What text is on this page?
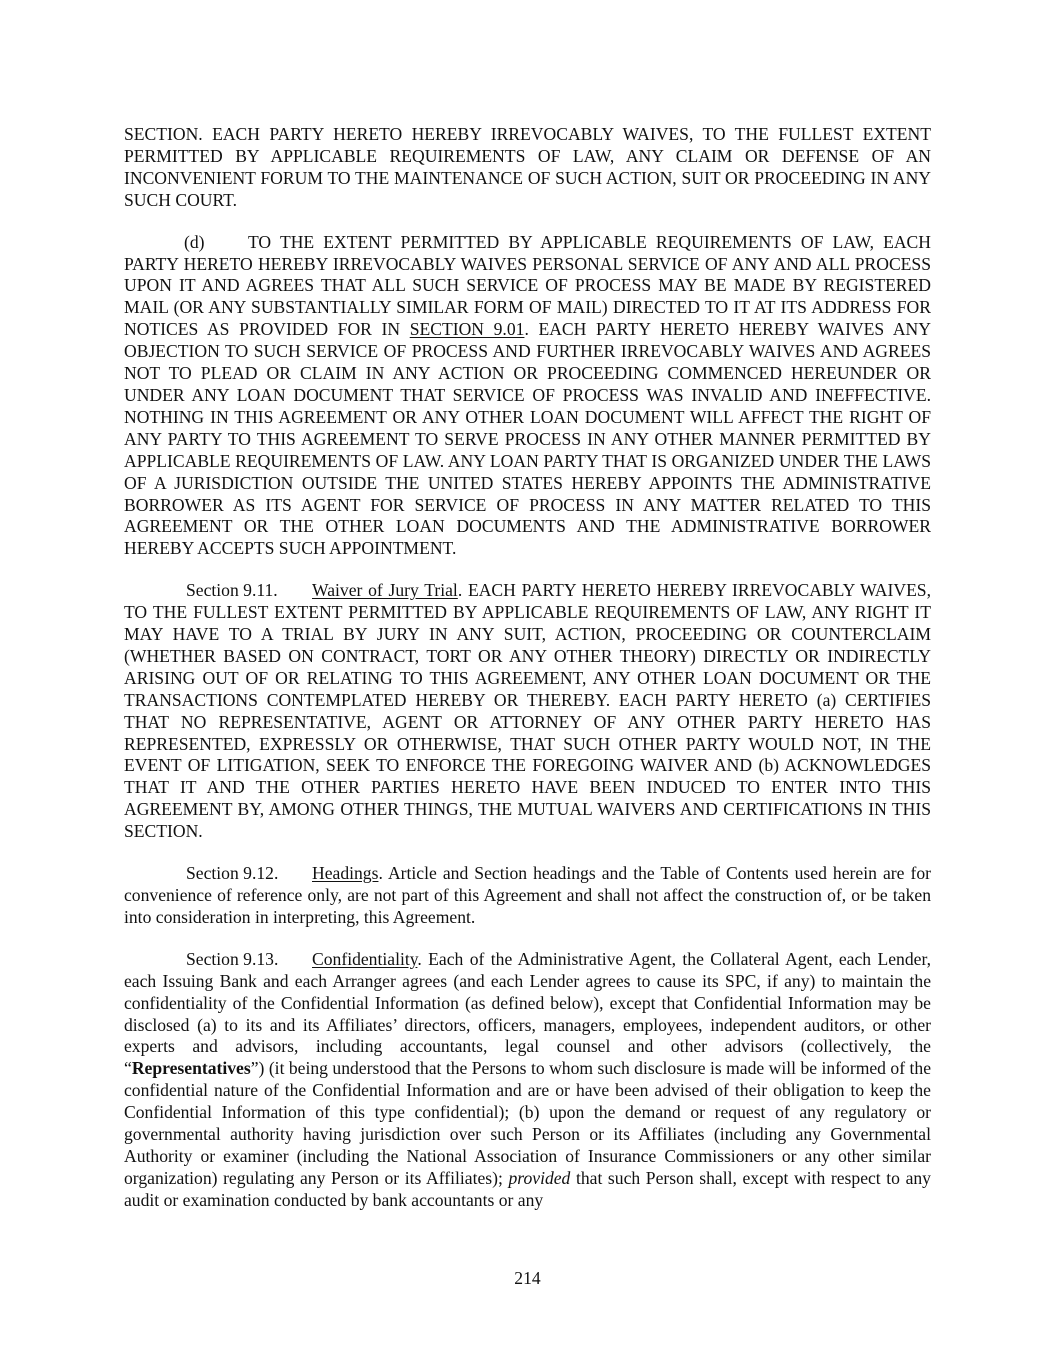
SECTION. EACH PARTY HERETO HEREBY IRREVOCABLY WAIVES, TO THE FULLEST EXTENT PERMITTED BY APPLICABLE REQUIREMENTS OF LAW, ANY CLAIM OR DEFENSE OF AN INCONVENIENT FORUM TO THE MAINTENANCE OF SUCH ACTION, SUIT OR PROCEEDING IN ANY SUCH COURT.

(d) TO THE EXTENT PERMITTED BY APPLICABLE REQUIREMENTS OF LAW, EACH PARTY HERETO HEREBY IRREVOCABLY WAIVES PERSONAL SERVICE OF ANY AND ALL PROCESS UPON IT AND AGREES THAT ALL SUCH SERVICE OF PROCESS MAY BE MADE BY REGISTERED MAIL (OR ANY SUBSTANTIALLY SIMILAR FORM OF MAIL) DIRECTED TO IT AT ITS ADDRESS FOR NOTICES AS PROVIDED FOR IN SECTION 9.01. EACH PARTY HERETO HEREBY WAIVES ANY OBJECTION TO SUCH SERVICE OF PROCESS AND FURTHER IRREVOCABLY WAIVES AND AGREES NOT TO PLEAD OR CLAIM IN ANY ACTION OR PROCEEDING COMMENCED HEREUNDER OR UNDER ANY LOAN DOCUMENT THAT SERVICE OF PROCESS WAS INVALID AND INEFFECTIVE. NOTHING IN THIS AGREEMENT OR ANY OTHER LOAN DOCUMENT WILL AFFECT THE RIGHT OF ANY PARTY TO THIS AGREEMENT TO SERVE PROCESS IN ANY OTHER MANNER PERMITTED BY APPLICABLE REQUIREMENTS OF LAW. ANY LOAN PARTY THAT IS ORGANIZED UNDER THE LAWS OF A JURISDICTION OUTSIDE THE UNITED STATES HEREBY APPOINTS THE ADMINISTRATIVE BORROWER AS ITS AGENT FOR SERVICE OF PROCESS IN ANY MATTER RELATED TO THIS AGREEMENT OR THE OTHER LOAN DOCUMENTS AND THE ADMINISTRATIVE BORROWER HEREBY ACCEPTS SUCH APPOINTMENT.

Section 9.11. Waiver of Jury Trial. EACH PARTY HERETO HEREBY IRREVOCABLY WAIVES, TO THE FULLEST EXTENT PERMITTED BY APPLICABLE REQUIREMENTS OF LAW, ANY RIGHT IT MAY HAVE TO A TRIAL BY JURY IN ANY SUIT, ACTION, PROCEEDING OR COUNTERCLAIM (WHETHER BASED ON CONTRACT, TORT OR ANY OTHER THEORY) DIRECTLY OR INDIRECTLY ARISING OUT OF OR RELATING TO THIS AGREEMENT, ANY OTHER LOAN DOCUMENT OR THE TRANSACTIONS CONTEMPLATED HEREBY OR THEREBY. EACH PARTY HERETO (a) CERTIFIES THAT NO REPRESENTATIVE, AGENT OR ATTORNEY OF ANY OTHER PARTY HERETO HAS REPRESENTED, EXPRESSLY OR OTHERWISE, THAT SUCH OTHER PARTY WOULD NOT, IN THE EVENT OF LITIGATION, SEEK TO ENFORCE THE FOREGOING WAIVER AND (b) ACKNOWLEDGES THAT IT AND THE OTHER PARTIES HERETO HAVE BEEN INDUCED TO ENTER INTO THIS AGREEMENT BY, AMONG OTHER THINGS, THE MUTUAL WAIVERS AND CERTIFICATIONS IN THIS SECTION.

Section 9.12. Headings. Article and Section headings and the Table of Contents used herein are for convenience of reference only, are not part of this Agreement and shall not affect the construction of, or be taken into consideration in interpreting, this Agreement.

Section 9.13. Confidentiality. Each of the Administrative Agent, the Collateral Agent, each Lender, each Issuing Bank and each Arranger agrees (and each Lender agrees to cause its SPC, if any) to maintain the confidentiality of the Confidential Information (as defined below), except that Confidential Information may be disclosed (a) to its and its Affiliates’ directors, officers, managers, employees, independent auditors, or other experts and advisors, including accountants, legal counsel and other advisors (collectively, the “Representatives”) (it being understood that the Persons to whom such disclosure is made will be informed of the confidential nature of the Confidential Information and are or have been advised of their obligation to keep the Confidential Information of this type confidential); (b) upon the demand or request of any regulatory or governmental authority having jurisdiction over such Person or its Affiliates (including any Governmental Authority or examiner (including the National Association of Insurance Commissioners or any other similar organization) regulating any Person or its Affiliates); provided that such Person shall, except with respect to any audit or examination conducted by bank accountants or any

214
